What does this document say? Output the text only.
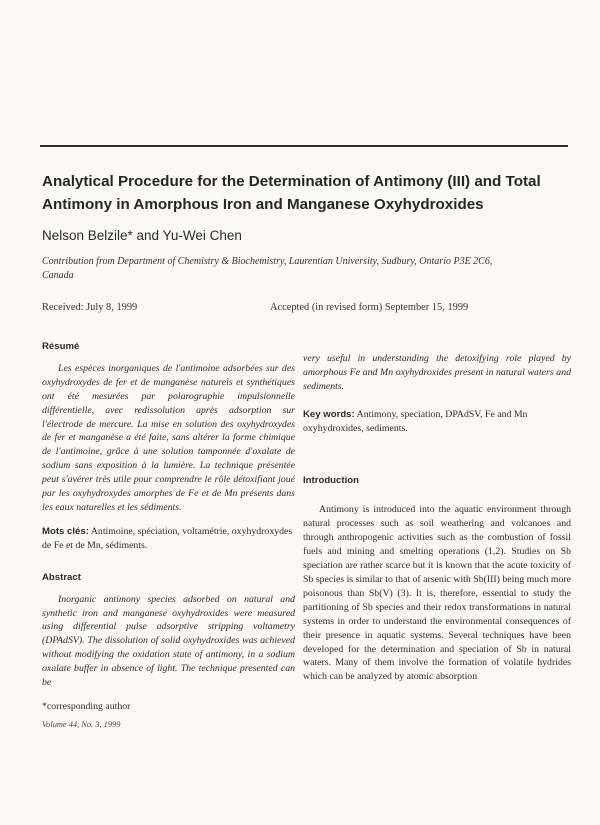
Analytical Procedure for the Determination of Antimony (III) and Total Antimony in Amorphous Iron and Manganese Oxyhydroxides
Nelson Belzile* and Yu-Wei Chen
Contribution from Department of Chemistry & Biochemistry, Laurentian University, Sudbury, Ontario P3E 2C6, Canada
Received: July 8, 1999	Accepted (in revised form) September 15, 1999
Résumé

Les espèces inorganiques de l'antimoine adsorbées sur des oxyhydroxydes de fer et de manganèse naturels et synthétiques ont été mesurées par polarographie impulsionnelle différentielle, avec redissolution après adsorption sur l'électrode de mercure. La mise en solution des oxyhydroxydes de fer et manganèse a été faite, sans altérer la forme chimique de l'antimoine, grâce à une solution tamponnée d'oxalate de sodium sans exposition à la lumière. La technique présentée peut s'avérer très utile pour comprendre le rôle détoxifiant joué par les oxyhydroxydes amorphes de Fe et de Mn présents dans les eaux naturelles et les sédiments.

Mots clés: Antimoine, spéciation, voltamétrie, oxyhydroxydes de Fe et de Mn, sédiments.

Abstract

Inorganic antimony species adsorbed on natural and synthetic iron and manganese oxyhydroxides were measured using differential pulse adsorptive stripping voltametry (DPAdSV). The dissolution of solid oxyhydroxides was achieved without modifying the oxidation state of antimony, in a sodium oxalate buffer in absence of light. The technique presented can be

*corresponding author

Volume 44, No. 3, 1999

very useful in understanding the detoxifying role played by amorphous Fe and Mn oxyhydroxides present in natural waters and sediments.

Key words: Antimony, speciation, DPAdSV, Fe and Mn oxyhydroxides, sediments.

Introduction

Antimony is introduced into the aquatic environment through natural processes such as soil weathering and volcanoes and through anthropogenic activities such as the combustion of fossil fuels and mining and smelting operations (1,2). Studies on Sb speciation are rather scarce but it is known that the acute toxicity of Sb species is similar to that of arsenic with Sb(III) being much more poisonous than Sb(V) (3). It is, therefore, essential to study the partitioning of Sb species and their redox transformations in natural systems in order to understand the environmental consequences of their presence in aquatic systems. Several techniques have been developed for the determination and speciation of Sb in natural waters. Many of them involve the formation of volatile hydrides which can be analyzed by atomic absorption
